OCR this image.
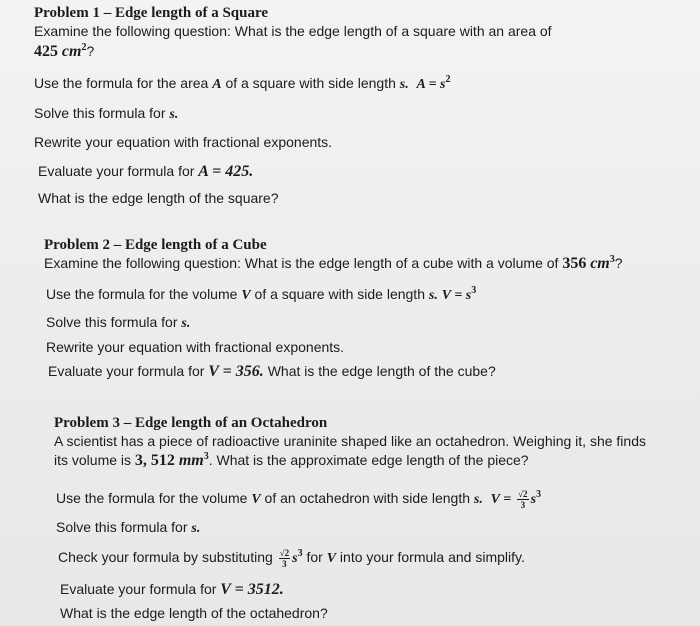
Problem 1 – Edge length of a Square
Examine the following question: What is the edge length of a square with an area of
425 $cm^2$?
Use the formula for the area A of a square with side length s. $A = s^2$
Solve this formula for s.
Rewrite your equation with fractional exponents.
Evaluate your formula for A = 425.
What is the edge length of the square?
Problem 2 – Edge length of a Cube
Examine the following question: What is the edge length of a cube with a volume of 356 $cm^3$?
Use the formula for the volume V of a square with side length s. $V = s^3$
Solve this formula for s.
Rewrite your equation with fractional exponents.
Evaluate your formula for V = 356. What is the edge length of the cube?
Problem 3 – Edge length of an Octahedron
A scientist has a piece of radioactive uraninite shaped like an octahedron. Weighing it, she finds
its volume is 3, 512 $mm^3$. What is the approximate edge length of the piece?
Use the formula for the volume V of an octahedron with side length s. $V = \frac{√2}{3} s^3$
Solve this formula for s.
Check your formula by substituting $\frac{√2}{3} s^3$ for V into your formula and simplify.
Evaluate your formula for V = 3512.
What is the edge length of the octahedron?
